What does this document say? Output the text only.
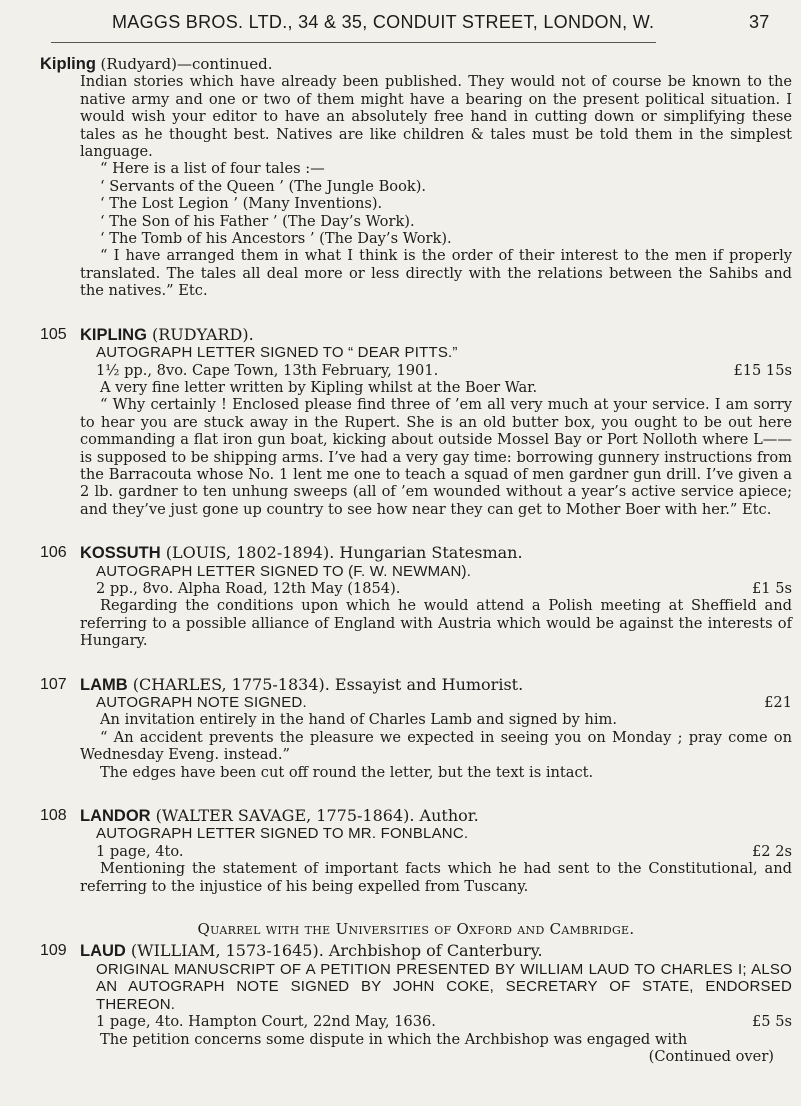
MAGGS BROS. LTD., 34 & 35, CONDUIT STREET, LONDON, W.	37
Kipling (Rudyard)—continued.

Indian stories which have already been published. They would not of course be known to the native army and one or two of them might have a bearing on the present political situation. I would wish your editor to have an absolutely free hand in cutting down or simplifying these tales as he thought best. Natives are like children & tales must be told them in the simplest language.

“ Here is a list of four tales :—

‘ Servants of the Queen ’ (The Jungle Book).

‘ The Lost Legion ’ (Many Inventions).

‘ The Son of his Father ’ (The Day’s Work).

‘ The Tomb of his Ancestors ’ (The Day’s Work).

“ I have arranged them in what I think is the order of their interest to the men if properly translated. The tales all deal more or less directly with the relations between the Sahibs and the natives.” Etc.

105 KIPLING (RUDYARD).
AUTOGRAPH LETTER SIGNED TO “ DEAR PITTS.”
1½ pp., 8vo. Cape Town, 13th February, 1901.	£15 15s

A very fine letter written by Kipling whilst at the Boer War.

“ Why certainly ! Enclosed please find three of ’em all very much at your service. I am sorry to hear you are stuck away in the Rupert. She is an old butter box, you ought to be out here commanding a flat iron gun boat, kicking about outside Mossel Bay or Port Nolloth where L—— is supposed to be shipping arms. I’ve had a very gay time: borrowing gunnery instructions from the Barracouta whose No. 1 lent me one to teach a squad of men gardner gun drill. I’ve given a 2 lb. gardner to ten unhung sweeps (all of ’em wounded without a year’s active service apiece; and they’ve just gone up country to see how near they can get to Mother Boer with her.” Etc.

106 KOSSUTH (LOUIS, 1802-1894). Hungarian Statesman.
AUTOGRAPH LETTER SIGNED TO (F. W. NEWMAN).
2 pp., 8vo. Alpha Road, 12th May (1854).	£1 5s

Regarding the conditions upon which he would attend a Polish meeting at Sheffield and referring to a possible alliance of England with Austria which would be against the interests of Hungary.

107 LAMB (CHARLES, 1775-1834). Essayist and Humorist.
AUTOGRAPH NOTE SIGNED.	£21

An invitation entirely in the hand of Charles Lamb and signed by him.

“ An accident prevents the pleasure we expected in seeing you on Monday ; pray come on Wednesday Eveng. instead.”

The edges have been cut off round the letter, but the text is intact.

108 LANDOR (WALTER SAVAGE, 1775-1864). Author.
AUTOGRAPH LETTER SIGNED TO MR. FONBLANC.
1 page, 4to.	£2 2s

Mentioning the statement of important facts which he had sent to the Constitutional, and referring to the injustice of his being expelled from Tuscany.

Quarrel with the Universities of Oxford and Cambridge.
109 LAUD (WILLIAM, 1573-1645). Archbishop of Canterbury.
ORIGINAL MANUSCRIPT OF A PETITION PRESENTED BY WILLIAM LAUD TO CHARLES I; ALSO AN AUTOGRAPH NOTE SIGNED BY JOHN COKE, SECRETARY OF STATE, ENDORSED THEREON.
1 page, 4to. Hampton Court, 22nd May, 1636.	£5 5s

The petition concerns some dispute in which the Archbishop was engaged with

(Continued over)
